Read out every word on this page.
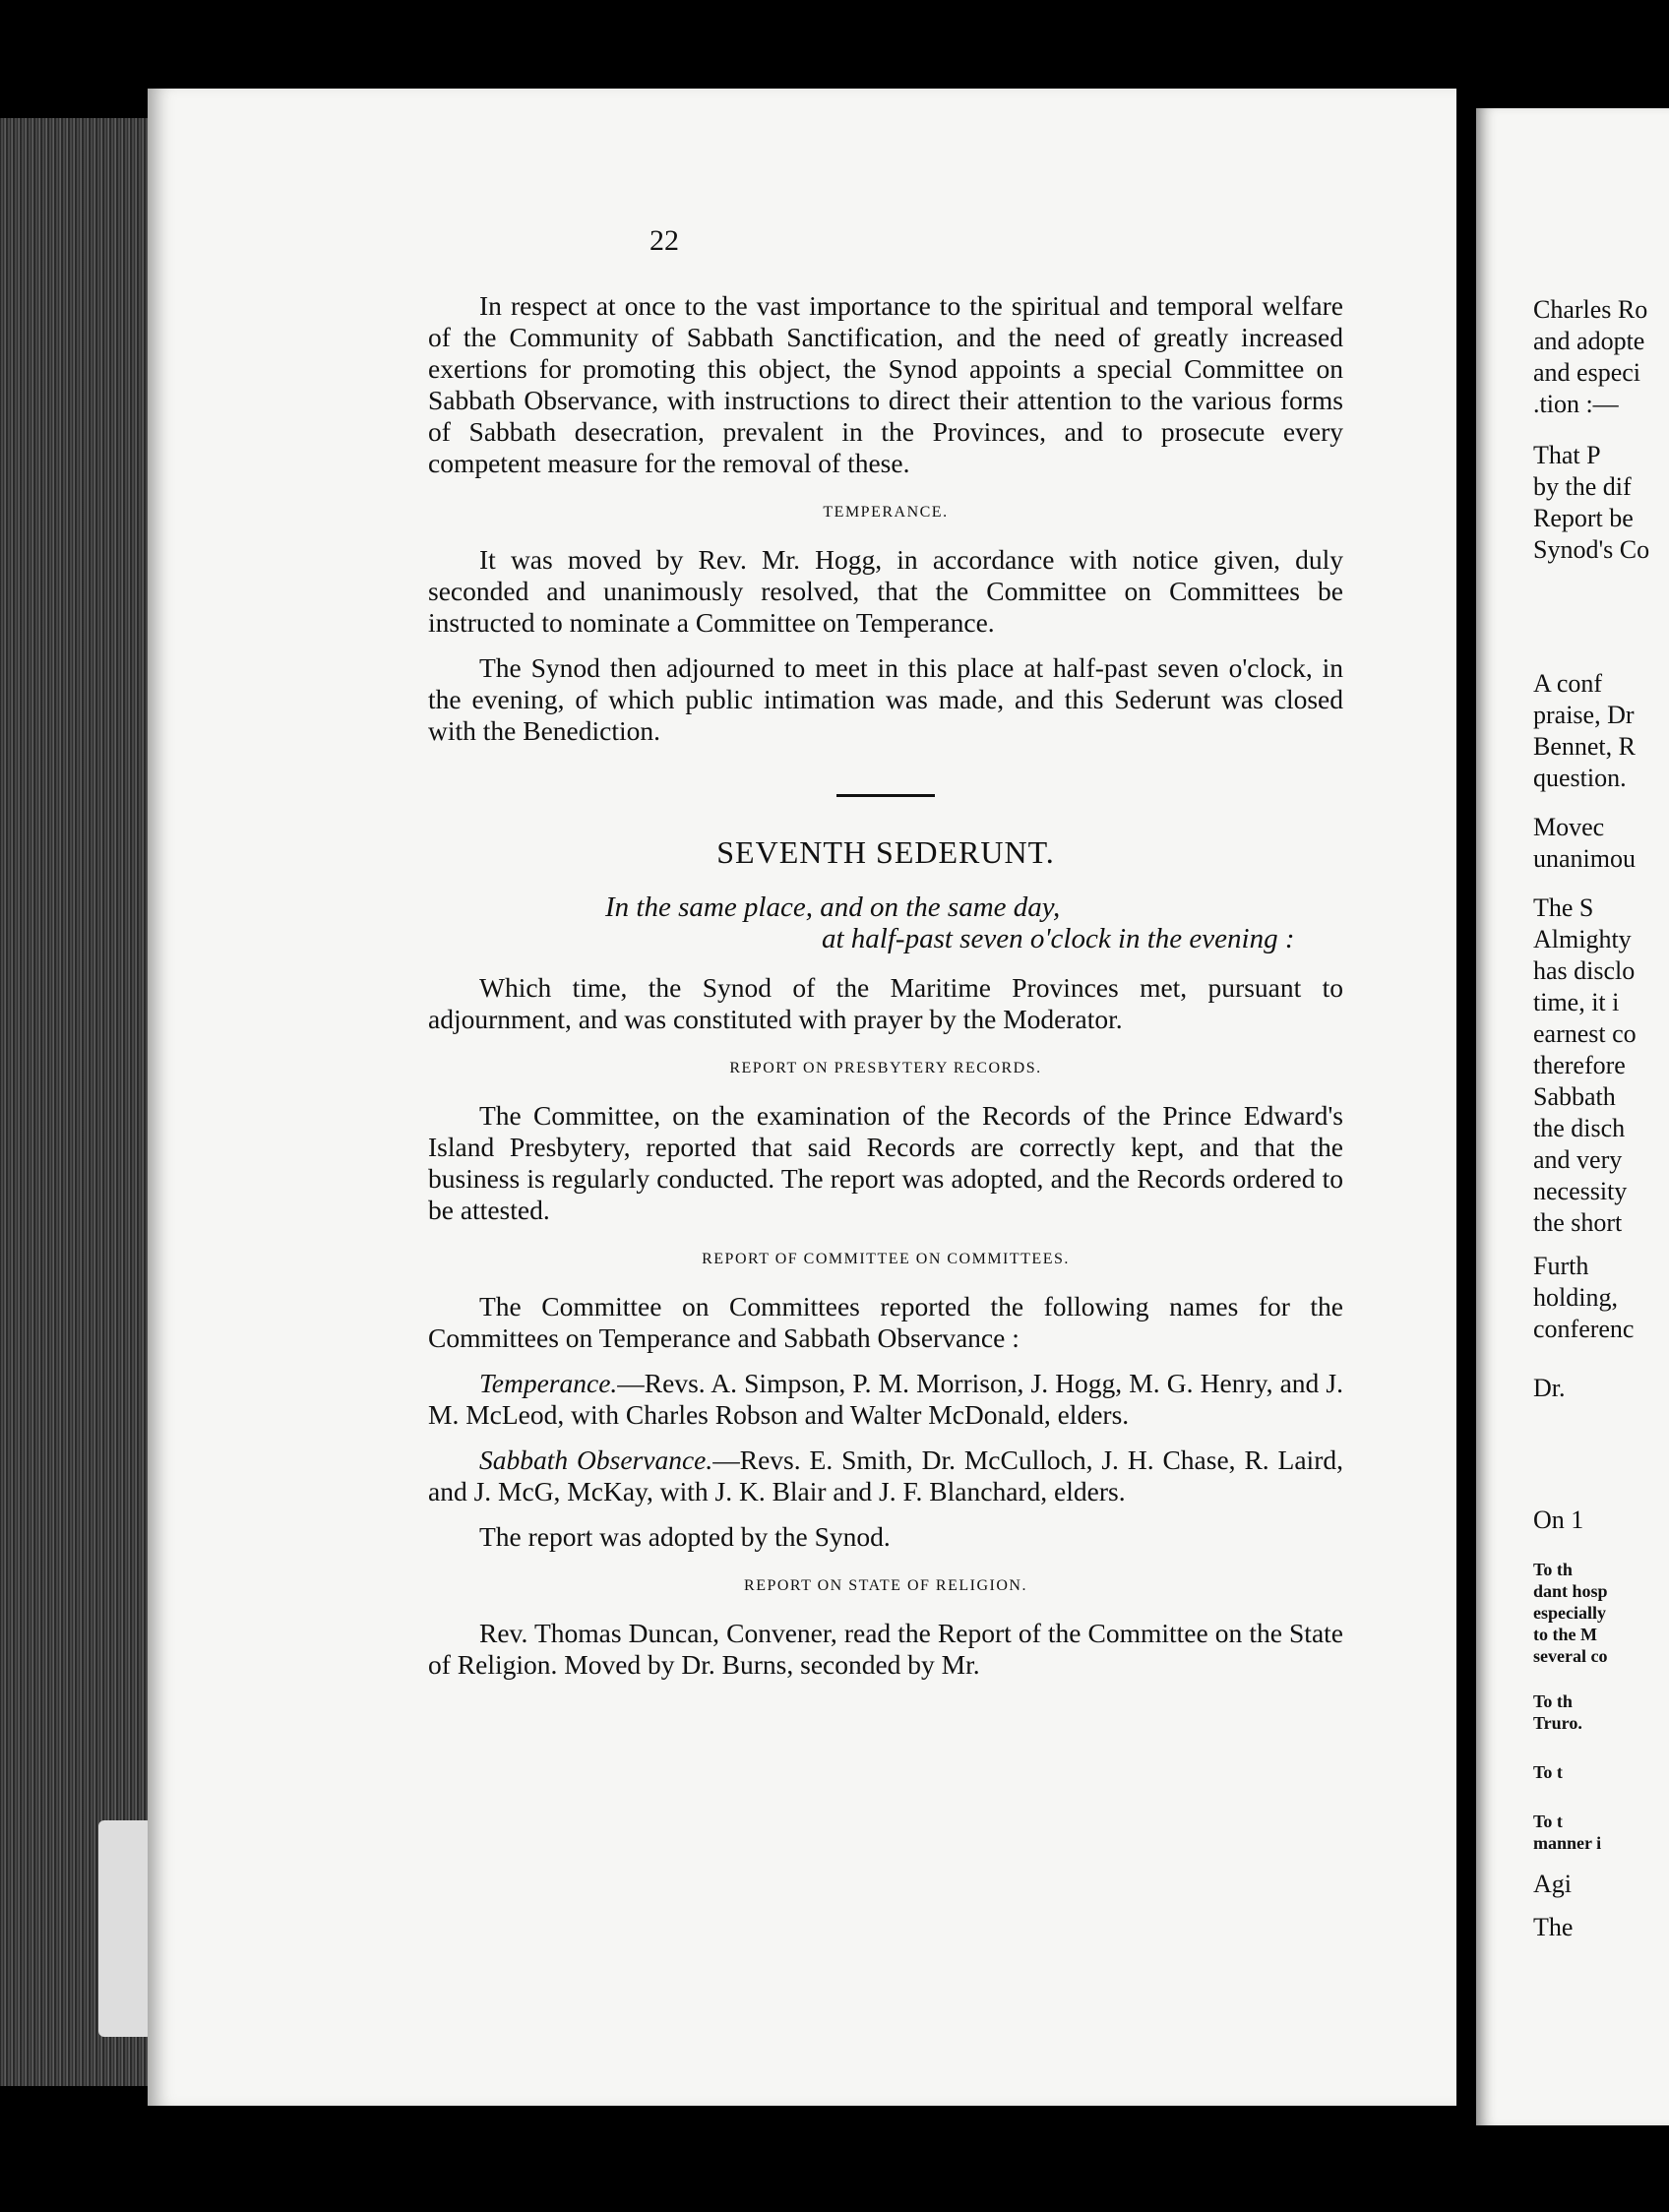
22

In respect at once to the vast importance to the spiritual and temporal welfare of the Community of Sabbath Sanctification, and the need of greatly increased exertions for promoting this object, the Synod appoints a special Committee on Sabbath Observance, with instructions to direct their attention to the various forms of Sabbath desecration, prevalent in the Provinces, and to prosecute every competent measure for the removal of these.

TEMPERANCE.

It was moved by Rev. Mr. Hogg, in accordance with notice given, duly seconded and unanimously resolved, that the Committee on Committees be instructed to nominate a Committee on Temperance.

The Synod then adjourned to meet in this place at half-past seven o'clock, in the evening, of which public intimation was made, and this Sederunt was closed with the Benediction.

SEVENTH SEDERUNT.
In the same place, and on the same day,
at half-past seven o'clock in the evening :

Which time, the Synod of the Maritime Provinces met, pursuant to adjournment, and was constituted with prayer by the Moderator.

REPORT ON PRESBYTERY RECORDS.

The Committee, on the examination of the Records of the Prince Edward's Island Presbytery, reported that said Records are correctly kept, and that the business is regularly conducted. The report was adopted, and the Records ordered to be attested.

REPORT OF COMMITTEE ON COMMITTEES.

The Committee on Committees reported the following names for the Committees on Temperance and Sabbath Observance :

Temperance.—Revs. A. Simpson, P. M. Morrison, J. Hogg, M. G. Henry, and J. M. McLeod, with Charles Robson and Walter McDonald, elders.

Sabbath Observance.—Revs. E. Smith, Dr. McCulloch, J. H. Chase, R. Laird, and J. McG, McKay, with J. K. Blair and J. F. Blanchard, elders.

The report was adopted by the Synod.

REPORT ON STATE OF RELIGION.

Rev. Thomas Duncan, Convener, read the Report of the Committee on the State of Religion. Moved by Dr. Burns, seconded by Mr.

Charles Ro
and adopte
and especi
.tion :—
That P
by the dif
Report be
Synod's Co
A conf
praise, Dr
Bennet, R
question.
Movec
unanimou
The S
Almighty
has disclo
time, it i
earnest co
therefore
Sabbath
the disch
and very
necessity
the short
Furth
holding,
conferenc
Dr.
On 1
To th
dant hosp
especially
to the M
several co
To th
Truro.
To t
To t
manner i
Agi
The
